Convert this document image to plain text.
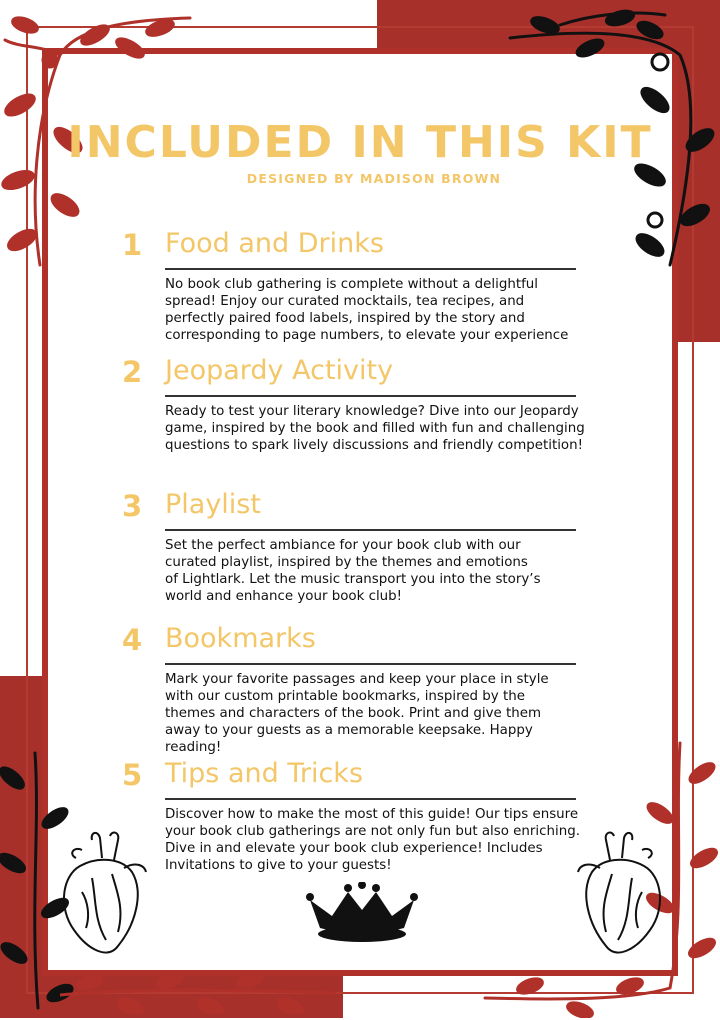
INCLUDED IN THIS KIT
DESIGNED BY MADISON BROWN
1 Food and Drinks
No book club gathering is complete without a delightful spread! Enjoy our curated mocktails, tea recipes, and perfectly paired food labels, inspired by the story and corresponding to page numbers, to elevate your experience
2 Jeopardy Activity
Ready to test your literary knowledge? Dive into our Jeopardy game, inspired by the book and filled with fun and challenging questions to spark lively discussions and friendly competition!
3 Playlist
Set the perfect ambiance for your book club with our curated playlist, inspired by the themes and emotions of Lightlark. Let the music transport you into the story’s world and enhance your book club!
4 Bookmarks
Mark your favorite passages and keep your place in style with our custom printable bookmarks, inspired by the themes and characters of the book. Print and give them away to your guests as a memorable keepsake. Happy reading!
5 Tips and Tricks
Discover how to make the most of this guide! Our tips ensure your book club gatherings are not only fun but also enriching. Dive in and elevate your book club experience! Includes Invitations to give to your guests!
